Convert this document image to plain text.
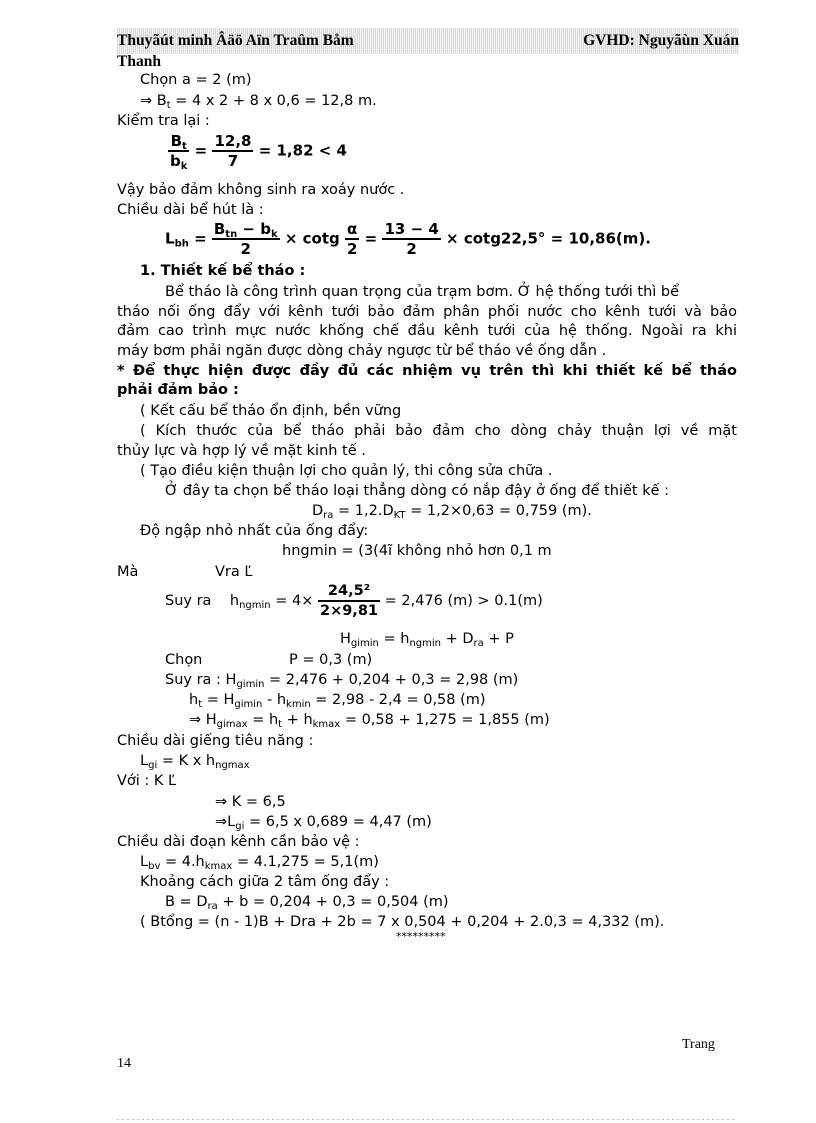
Thuyãút minh Âäö Aïn Traûm Båm	GVHD: Nguyãùn Xuán
Thanh
Chọn a = 2 (m)
⇒ $B_t = 4$ x 2 + 8 x 0,6 = 12,8 m.
Kiểm tra lại :
$\frac{B_t}{b_k} = \frac{12,8}{7} = 1,82 < 4$
Vậy bảo đảm không sinh ra xoáy nước .
Chiều dài bể hút là :
$L_{bh} = \frac{B_{tn} - b_k}{2} \times \cot g \frac{\alpha}{2} = \frac{13 - 4}{2} \times \cot g22,5^\circ = 10,86(m)$.
1. Thiết kế bể tháo :
Bể tháo là công trình quan trọng của trạm bơm. Ở hệ thống tưới thì bể
tháo nối ống đẩy với kênh tưới bảo đảm phân phối nước cho kênh tưới và bảo
đảm cao trình mực nước khống chế đầu kênh tưới của hệ thống. Ngoài ra khi
máy bơm phải ngăn được dòng chảy ngược từ bể tháo về ống dẫn .
* Để thực hiện được đầy đủ các nhiệm vụ trên thì khi thiết kế bể tháo
phải đảm bảo :
( Kết cấu bể tháo ổn định, bền vững
( Kích thước của bể tháo phải bảo đảm cho dòng chảy thuận lợi về mặt
thủy lực và hợp lý về mặt kinh tế .
( Tạo điều kiện thuận lợi cho quản lý, thi công sửa chữa .
Ở đây ta chọn bể tháo loại thẳng dòng có nắp đậy ở ống để thiết kế :
$D_{ra} = 1,2.D_{KT} = 1,2\times 0,63 = 0,759$ (m).
Độ ngập nhỏ nhất của ống đẩy:
hngmin = (3(4ĩ không nhỏ hơn 0,1 m
Mà	Vra Ľ
Suy ra $h_{ngmin} = 4\times \frac{\text{24,5²}}{2\times 9,81} = 2,476$ (m) > 0.1(m)
$H_{gimin} = h_{ngmin} + D_{ra} + P$
Chọn	P = 0,3 (m)
Suy ra : $H_{gimin} = 2,476 + 0,204 + 0,3 = 2,98$ (m)
$h_t = H_{gimin} - h_{kmin} = 2,98 - 2,4 = 0,58$ (m)
⇒ $H_{gimax} = h_t + h_{kmax} = 0,58 + 1,275 = 1,855$ (m)
Chiều dài giếng tiêu năng :
$L_{gi} = K$ x $h_{ngmax}$
Với : K Ľ
⇒ K = 6,5
$\Rightarrow L_{gi} = 6,5$ x 0,689 = 4,47 (m)
Chiều dài đoạn kênh cần bảo vệ :
$L_{bv} = 4.h_{kmax} = 4.1,275 = 5,1(m)$
Khoảng cách giữa 2 tâm ống đẩy :
$B = D_{ra} + b = 0,204 + 0,3 = 0,504$ (m)
( Btổng = (n - 1)B + Dra + 2b = 7 x 0,504 + 0,204 + 2.0,3 = 4,332 (m).
*********
Trang
14
